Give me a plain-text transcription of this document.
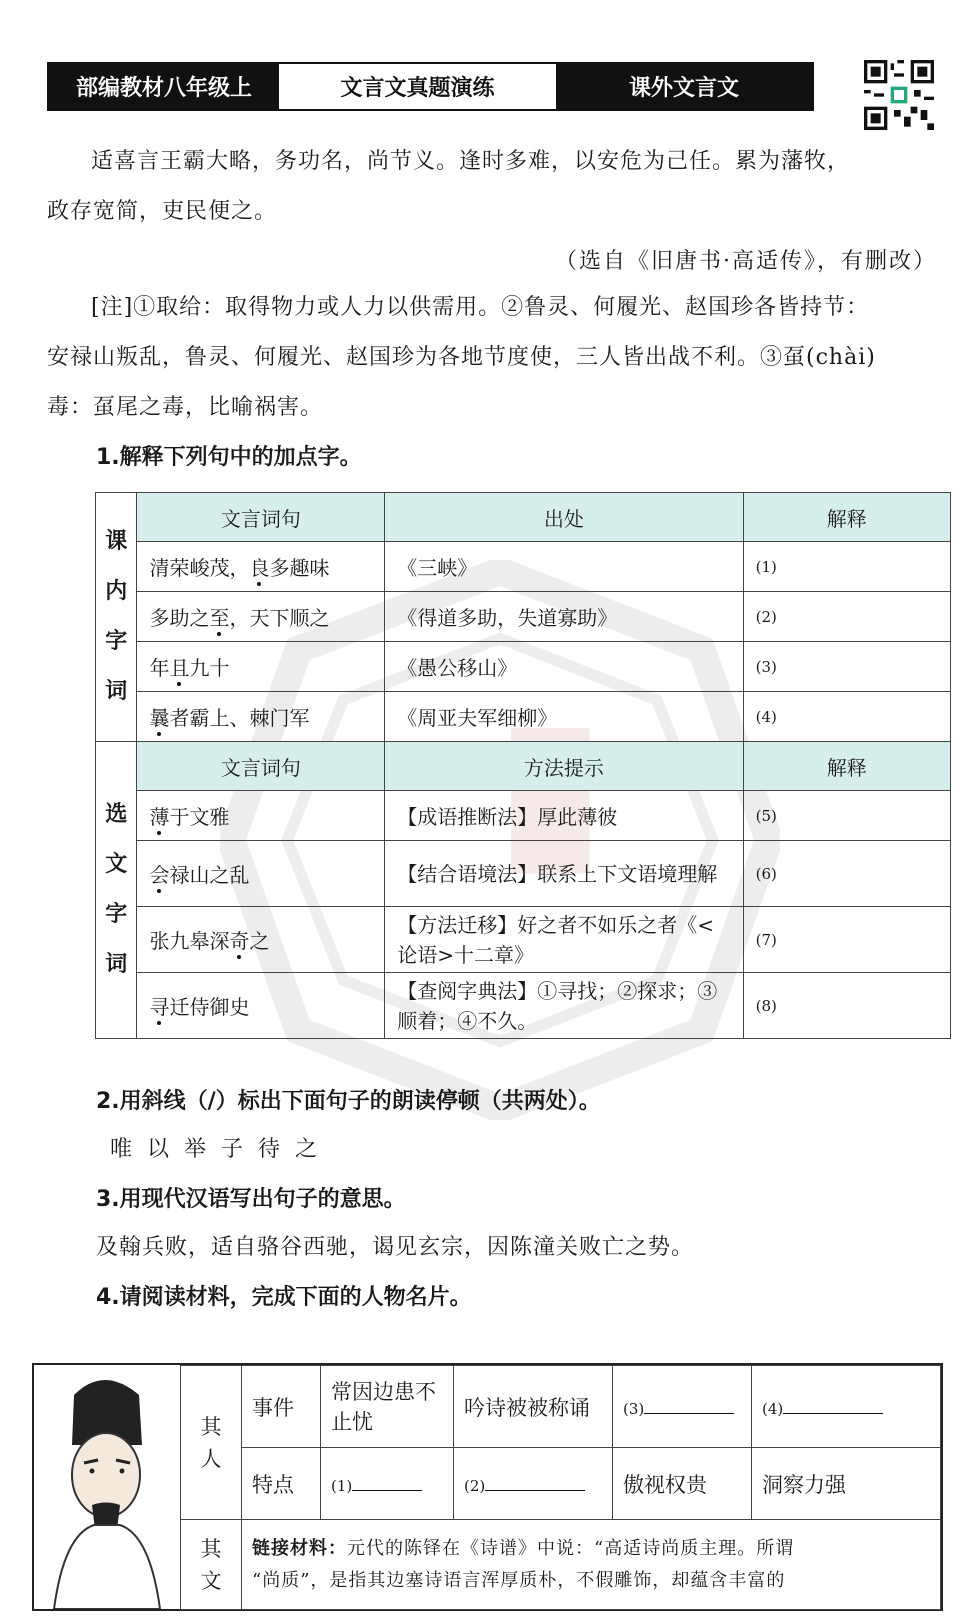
部编教材八年级上	文言文真题演练	课外文言文
适喜言王霸大略，务功名，尚节义。逢时多难，以安危为己任。累为藩牧，
政存宽简，吏民便之。
（选自《旧唐书·高适传》，有删改）
[注]①取给：取得物力或人力以供需用。②鲁灵、何履光、赵国珍各皆持节：
安禄山叛乱，鲁灵、何履光、赵国珍为各地节度使，三人皆出战不利。③虿(chài)
毒：虿尾之毒，比喻祸害。
1.解释下列句中的加点字。
课
内
字
词	文言词句	出处	解释
	清荣峻茂，良多趣味	《三峡》	(1)
	多助之至，天下顺之	《得道多助，失道寡助》	(2)
	年且九十	《愚公移山》	(3)
	曩者霸上、棘门军	《周亚夫军细柳》	(4)
选
文
字
词	文言词句	方法提示	解释
	薄于文雅	【成语推断法】厚此薄彼	(5)
	会禄山之乱	【结合语境法】联系上下文语境理解	(6)
	张九皋深奇之	【方法迁移】好之者不如乐之者《<论语>十二章》	(7)
	寻迁侍御史	【查阅字典法】①寻找；②探求；③顺着；④不久。	(8)
2.用斜线（/）标出下面句子的朗读停顿（共两处）。
唯 以 举 子 待 之
3.用现代汉语写出句子的意思。
及翰兵败，适自骆谷西驰，谒见玄宗，因陈潼关败亡之势。
4.请阅读材料，完成下面的人物名片。
其
人	事件	常因边患不止忧	吟诗被被称诵	(3)	(4)
	特点	(1)	(2)	傲视权贵	洞察力强
其
文	链接材料：元代的陈铎在《诗谱》中说：“高适诗尚质主理。所谓
“尚质”，是指其边塞诗语言浑厚质朴，不假雕饰，却蕴含丰富的				
